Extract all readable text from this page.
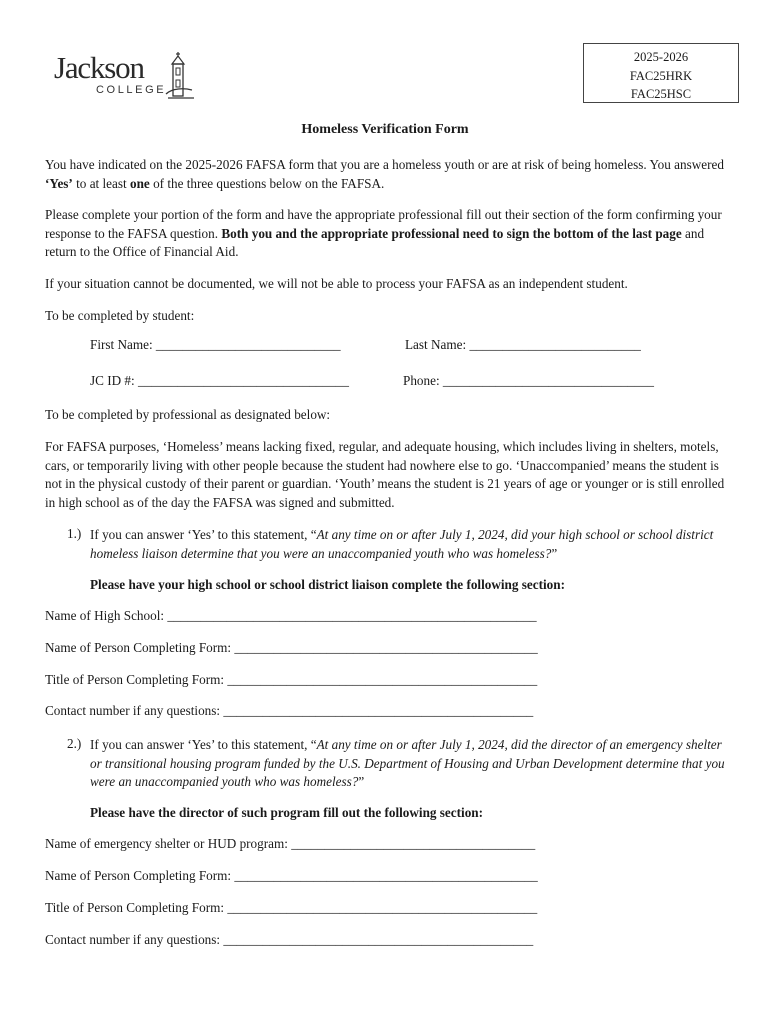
Jackson
COLLEGE
2025-2026
FAC25HRK
FAC25HSC
Homeless Verification Form
You have indicated on the 2025-2026 FAFSA form that you are a homeless youth or are at risk of being homeless. You answered ‘Yes’ to at least one of the three questions below on the FAFSA.
Please complete your portion of the form and have the appropriate professional fill out their section of the form confirming your response to the FAFSA question. Both you and the appropriate professional need to sign the bottom of the last page and return to the Office of Financial Aid.
If your situation cannot be documented, we will not be able to process your FAFSA as an independent student.
To be completed by student:
First Name: ____________________________	Last Name: __________________________
JC ID #: ________________________________	Phone: ________________________________
To be completed by professional as designated below:
For FAFSA purposes, ‘Homeless’ means lacking fixed, regular, and adequate housing, which includes living in shelters, motels, cars, or temporarily living with other people because the student had nowhere else to go. ‘Unaccompanied’ means the student is not in the physical custody of their parent or guardian. ‘Youth’ means the student is 21 years of age or younger or is still enrolled in high school as of the day the FAFSA was signed and submitted.
1.) If you can answer ‘Yes’ to this statement, “At any time on or after July 1, 2024, did your high school or school district homeless liaison determine that you were an unaccompanied youth who was homeless?”
Please have your high school or school district liaison complete the following section:
Name of High School: ________________________________________________________
Name of Person Completing Form: ______________________________________________
Title of Person Completing Form: _______________________________________________
Contact number if any questions: _______________________________________________
2.) If you can answer ‘Yes’ to this statement, “At any time on or after July 1, 2024, did the director of an emergency shelter or transitional housing program funded by the U.S. Department of Housing and Urban Development determine that you were an unaccompanied youth who was homeless?”
Please have the director of such program fill out the following section:
Name of emergency shelter or HUD program: _____________________________________
Name of Person Completing Form: ______________________________________________
Title of Person Completing Form: _______________________________________________
Contact number if any questions: _______________________________________________
